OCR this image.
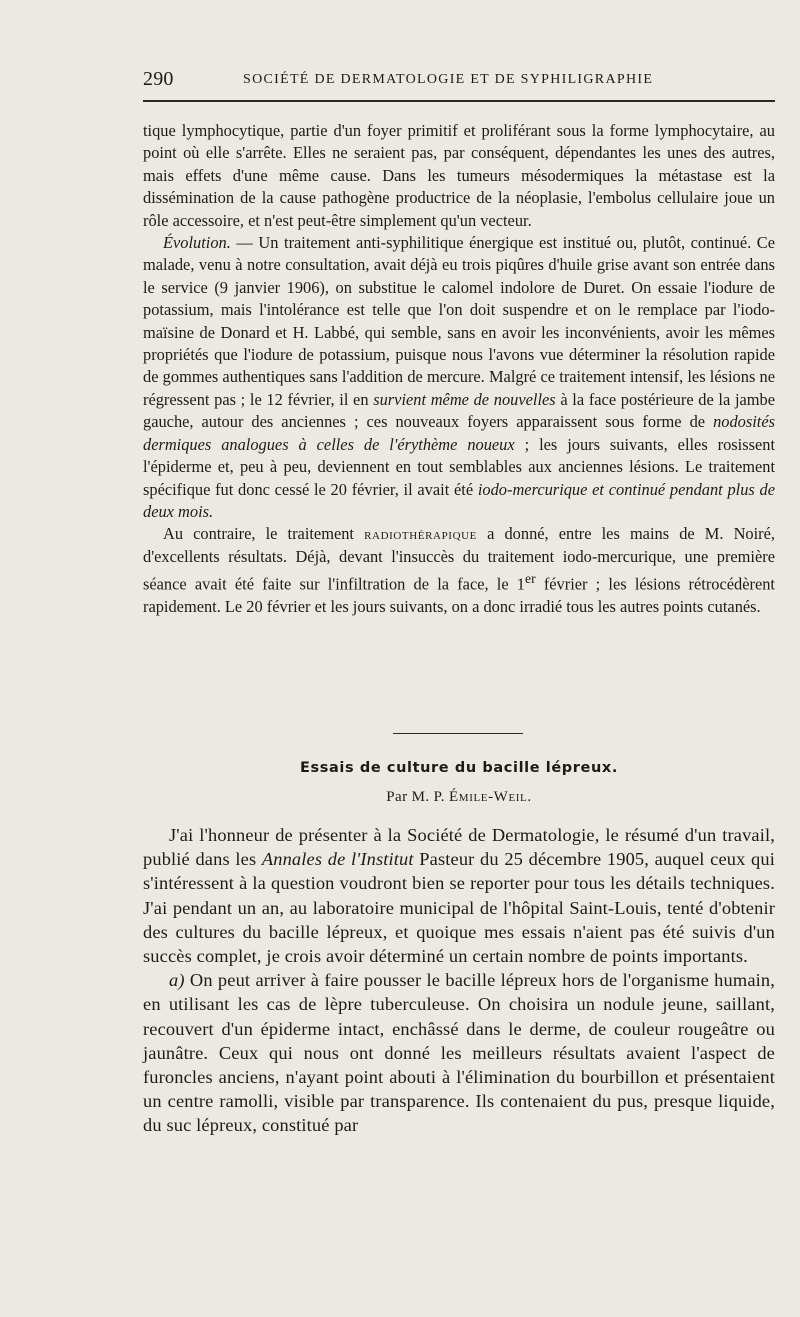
290	SOCIÉTÉ DE DERMATOLOGIE ET DE SYPHILIGRAPHIE

tique lymphocytique, partie d'un foyer primitif et proliférant sous la forme lymphocytaire, au point où elle s'arrête. Elles ne seraient pas, par conséquent, dépendantes les unes des autres, mais effets d'une même cause. Dans les tumeurs mésodermiques la métastase est la dissémination de la cause pathogène productrice de la néoplasie, l'embolus cellulaire joue un rôle accessoire, et n'est peut-être simplement qu'un vecteur.

Évolution. — Un traitement anti-syphilitique énergique est institué ou, plutôt, continué. Ce malade, venu à notre consultation, avait déjà eu trois piqûres d'huile grise avant son entrée dans le service (9 janvier 1906), on substitue le calomel indolore de Duret. On essaie l'iodure de potassium, mais l'intolérance est telle que l'on doit suspendre et on le remplace par l'iodo-maïsine de Donard et H. Labbé, qui semble, sans en avoir les inconvénients, avoir les mêmes propriétés que l'iodure de potassium, puisque nous l'avons vue déterminer la résolution rapide de gommes authentiques sans l'addition de mercure. Malgré ce traitement intensif, les lésions ne régressent pas ; le 12 février, il en survient même de nouvelles à la face postérieure de la jambe gauche, autour des anciennes ; ces nouveaux foyers apparaissent sous forme de nodosités dermiques analogues à celles de l'érythème noueux ; les jours suivants, elles rosissent l'épiderme et, peu à peu, deviennent en tout semblables aux anciennes lésions. Le traitement spécifique fut donc cessé le 20 février, il avait été iodo-mercurique et continué pendant plus de deux mois.

Au contraire, le traitement radiothérapique a donné, entre les mains de M. Noiré, d'excellents résultats. Déjà, devant l'insuccès du traitement iodo-mercurique, une première séance avait été faite sur l'infiltration de la face, le 1er février ; les lésions rétrocédèrent rapidement. Le 20 février et les jours suivants, on a donc irradié tous les autres points cutanés.

Essais de culture du bacille lépreux.
Par M. P. Émile-Weil.

J'ai l'honneur de présenter à la Société de Dermatologie, le résumé d'un travail, publié dans les Annales de l'Institut Pasteur du 25 décembre 1905, auquel ceux qui s'intéressent à la question voudront bien se reporter pour tous les détails techniques. J'ai pendant un an, au laboratoire municipal de l'hôpital Saint-Louis, tenté d'obtenir des cultures du bacille lépreux, et quoique mes essais n'aient pas été suivis d'un succès complet, je crois avoir déterminé un certain nombre de points importants.

a) On peut arriver à faire pousser le bacille lépreux hors de l'organisme humain, en utilisant les cas de lèpre tuberculeuse. On choisira un nodule jeune, saillant, recouvert d'un épiderme intact, enchâssé dans le derme, de couleur rougeâtre ou jaunâtre. Ceux qui nous ont donné les meilleurs résultats avaient l'aspect de furoncles anciens, n'ayant point abouti à l'élimination du bourbillon et présentaient un centre ramolli, visible par transparence. Ils contenaient du pus, presque liquide, du suc lépreux, constitué par
